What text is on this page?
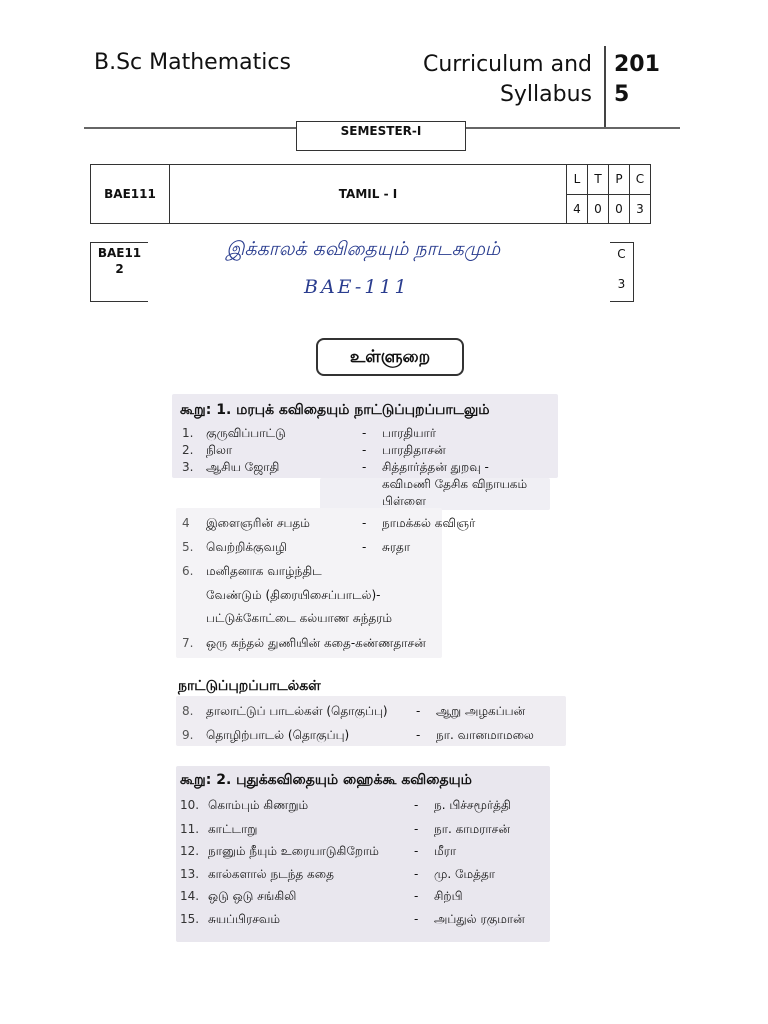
B.Sc Mathematics	Curriculum and
Syllabus
201
5
SEMESTER-I
BAE111	TAMIL - I	L	T	P	C
		4	0	0	3
BAE11
2
C
3
இக்காலக் கவிதையும் நாடகமும்
BAE-111
உள்ளுறை
கூறு: 1. மரபுக் கவிதையும் நாட்டுப்புறப்பாடலும்
1. குருவிப்பாட்டு	- பாரதியார்
2. நிலா	- பாரதிதாசன்
3. ஆசிய ஜோதி	- சித்தார்த்தன் துறவு -
கவிமணி தேசிக விநாயகம்
பிள்ளை
4 இளைஞரின் சபதம்	- நாமக்கல் கவிஞர்
5. வெற்றிக்குவழி	- சுரதா
6. மனிதனாக வாழ்ந்திட
வேண்டும் (திரையிசைப்பாடல்)-
பட்டுக்கோட்டை கல்யாண சுந்தரம்
7. ஒரு கந்தல் துணியின் கதை-கண்ணதாசன்
நாட்டுப்புறப்பாடல்கள்
8. தாலாட்டுப் பாடல்கள் (தொகுப்பு) - ஆறு அழகப்பன்
9. தொழிற்பாடல் (தொகுப்பு)	- நா. வானமாமலை
கூறு: 2. புதுக்கவிதையும் ஹைக்கூ கவிதையும்
10. கொம்பும் கிணறும்	- ந. பிச்சமூர்த்தி
11. காட்டாறு	- நா. காமராசன்
12. நானும் நீயும் உரையாடுகிறோம்	- மீரா
13. கால்களால் நடந்த கதை	- மு. மேத்தா
14. ஒடு ஒடு சங்கிலி	- சிற்பி
15. சுயப்பிரசவம்	- அப்துல் ரகுமான்
